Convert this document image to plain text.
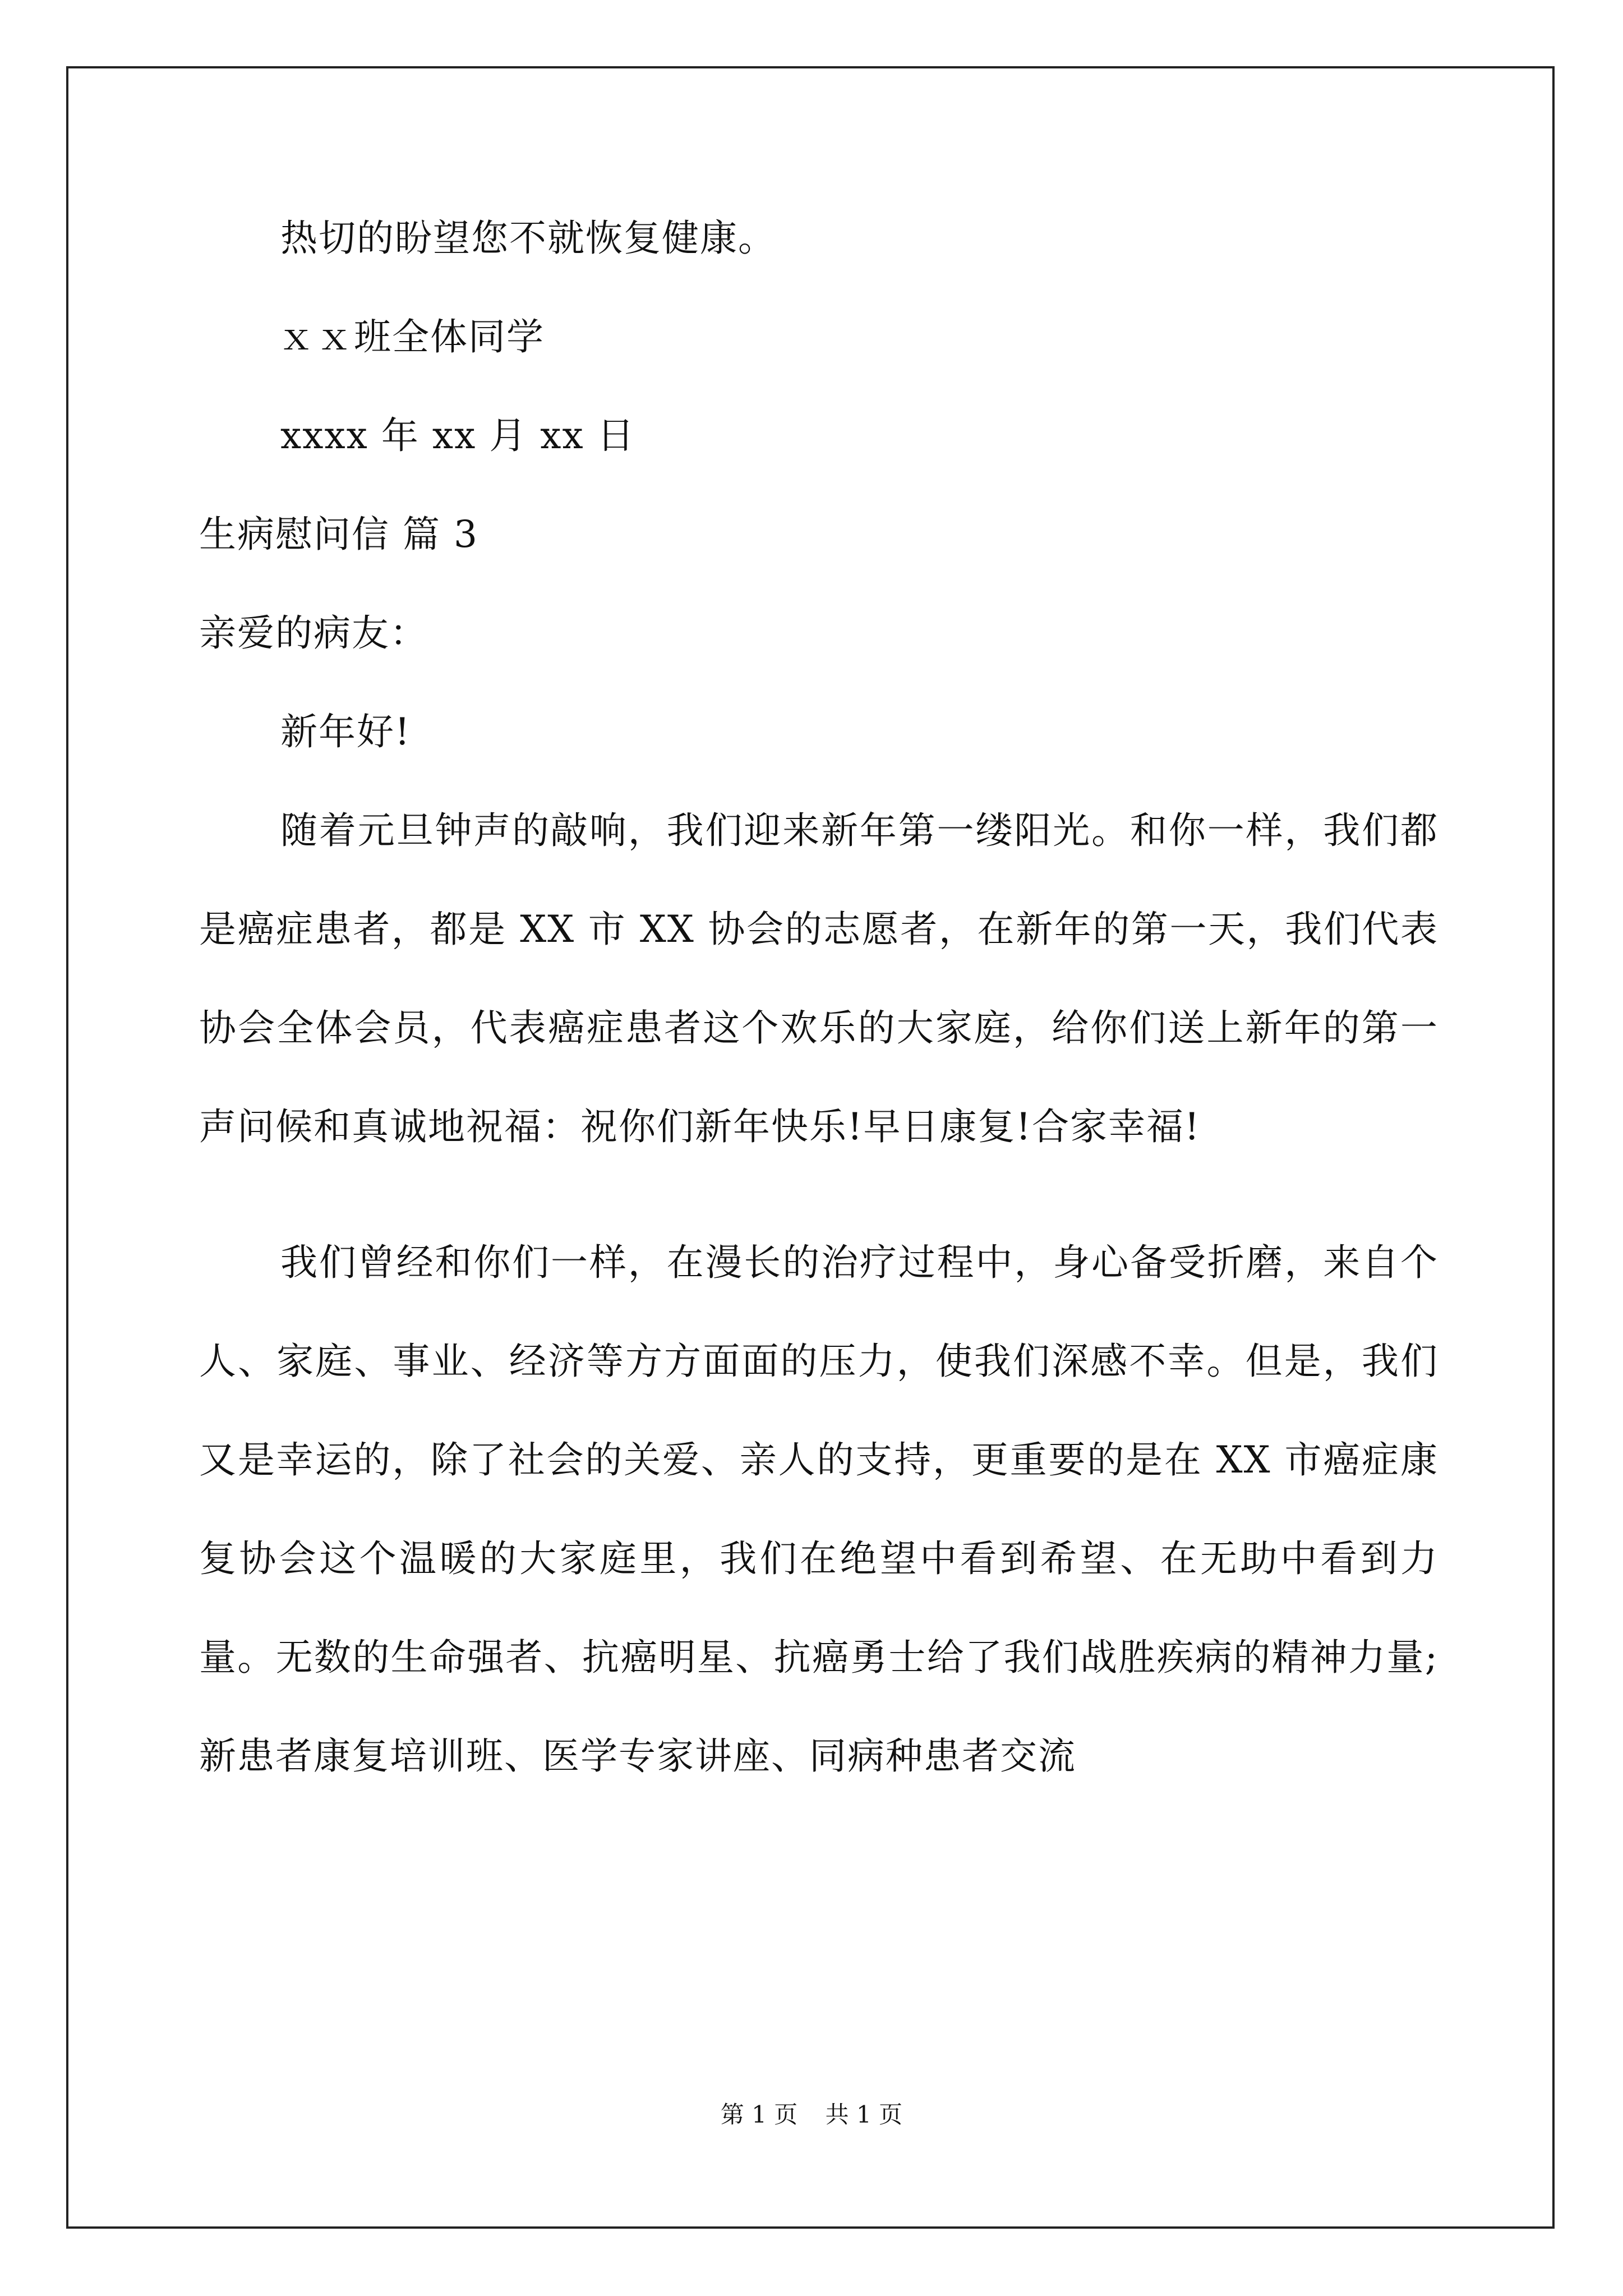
热切的盼望您不就恢复健康。
ｘｘ班全体同学
xxxx 年 xx 月 xx 日
生病慰问信 篇 3
亲爱的病友：
新年好!

随着元旦钟声的敲响，我们迎来新年第一缕阳光。和你一样，我们都是癌症患者，都是 XX 市 XX 协会的志愿者，在新年的第一天，我们代表协会全体会员，代表癌症患者这个欢乐的大家庭，给你们送上新年的第一声问候和真诚地祝福：祝你们新年快乐!早日康复!合家幸福!

我们曾经和你们一样，在漫长的治疗过程中，身心备受折磨，来自个人、家庭、事业、经济等方方面面的压力，使我们深感不幸。但是，我们又是幸运的，除了社会的关爱、亲人的支持，更重要的是在 XX 市癌症康复协会这个温暖的大家庭里，我们在绝望中看到希望、在无助中看到力量。无数的生命强者、抗癌明星、抗癌勇士给了我们战胜疾病的精神力量;新患者康复培训班、医学专家讲座、同病种患者交流

第 1 页 共 1 页
